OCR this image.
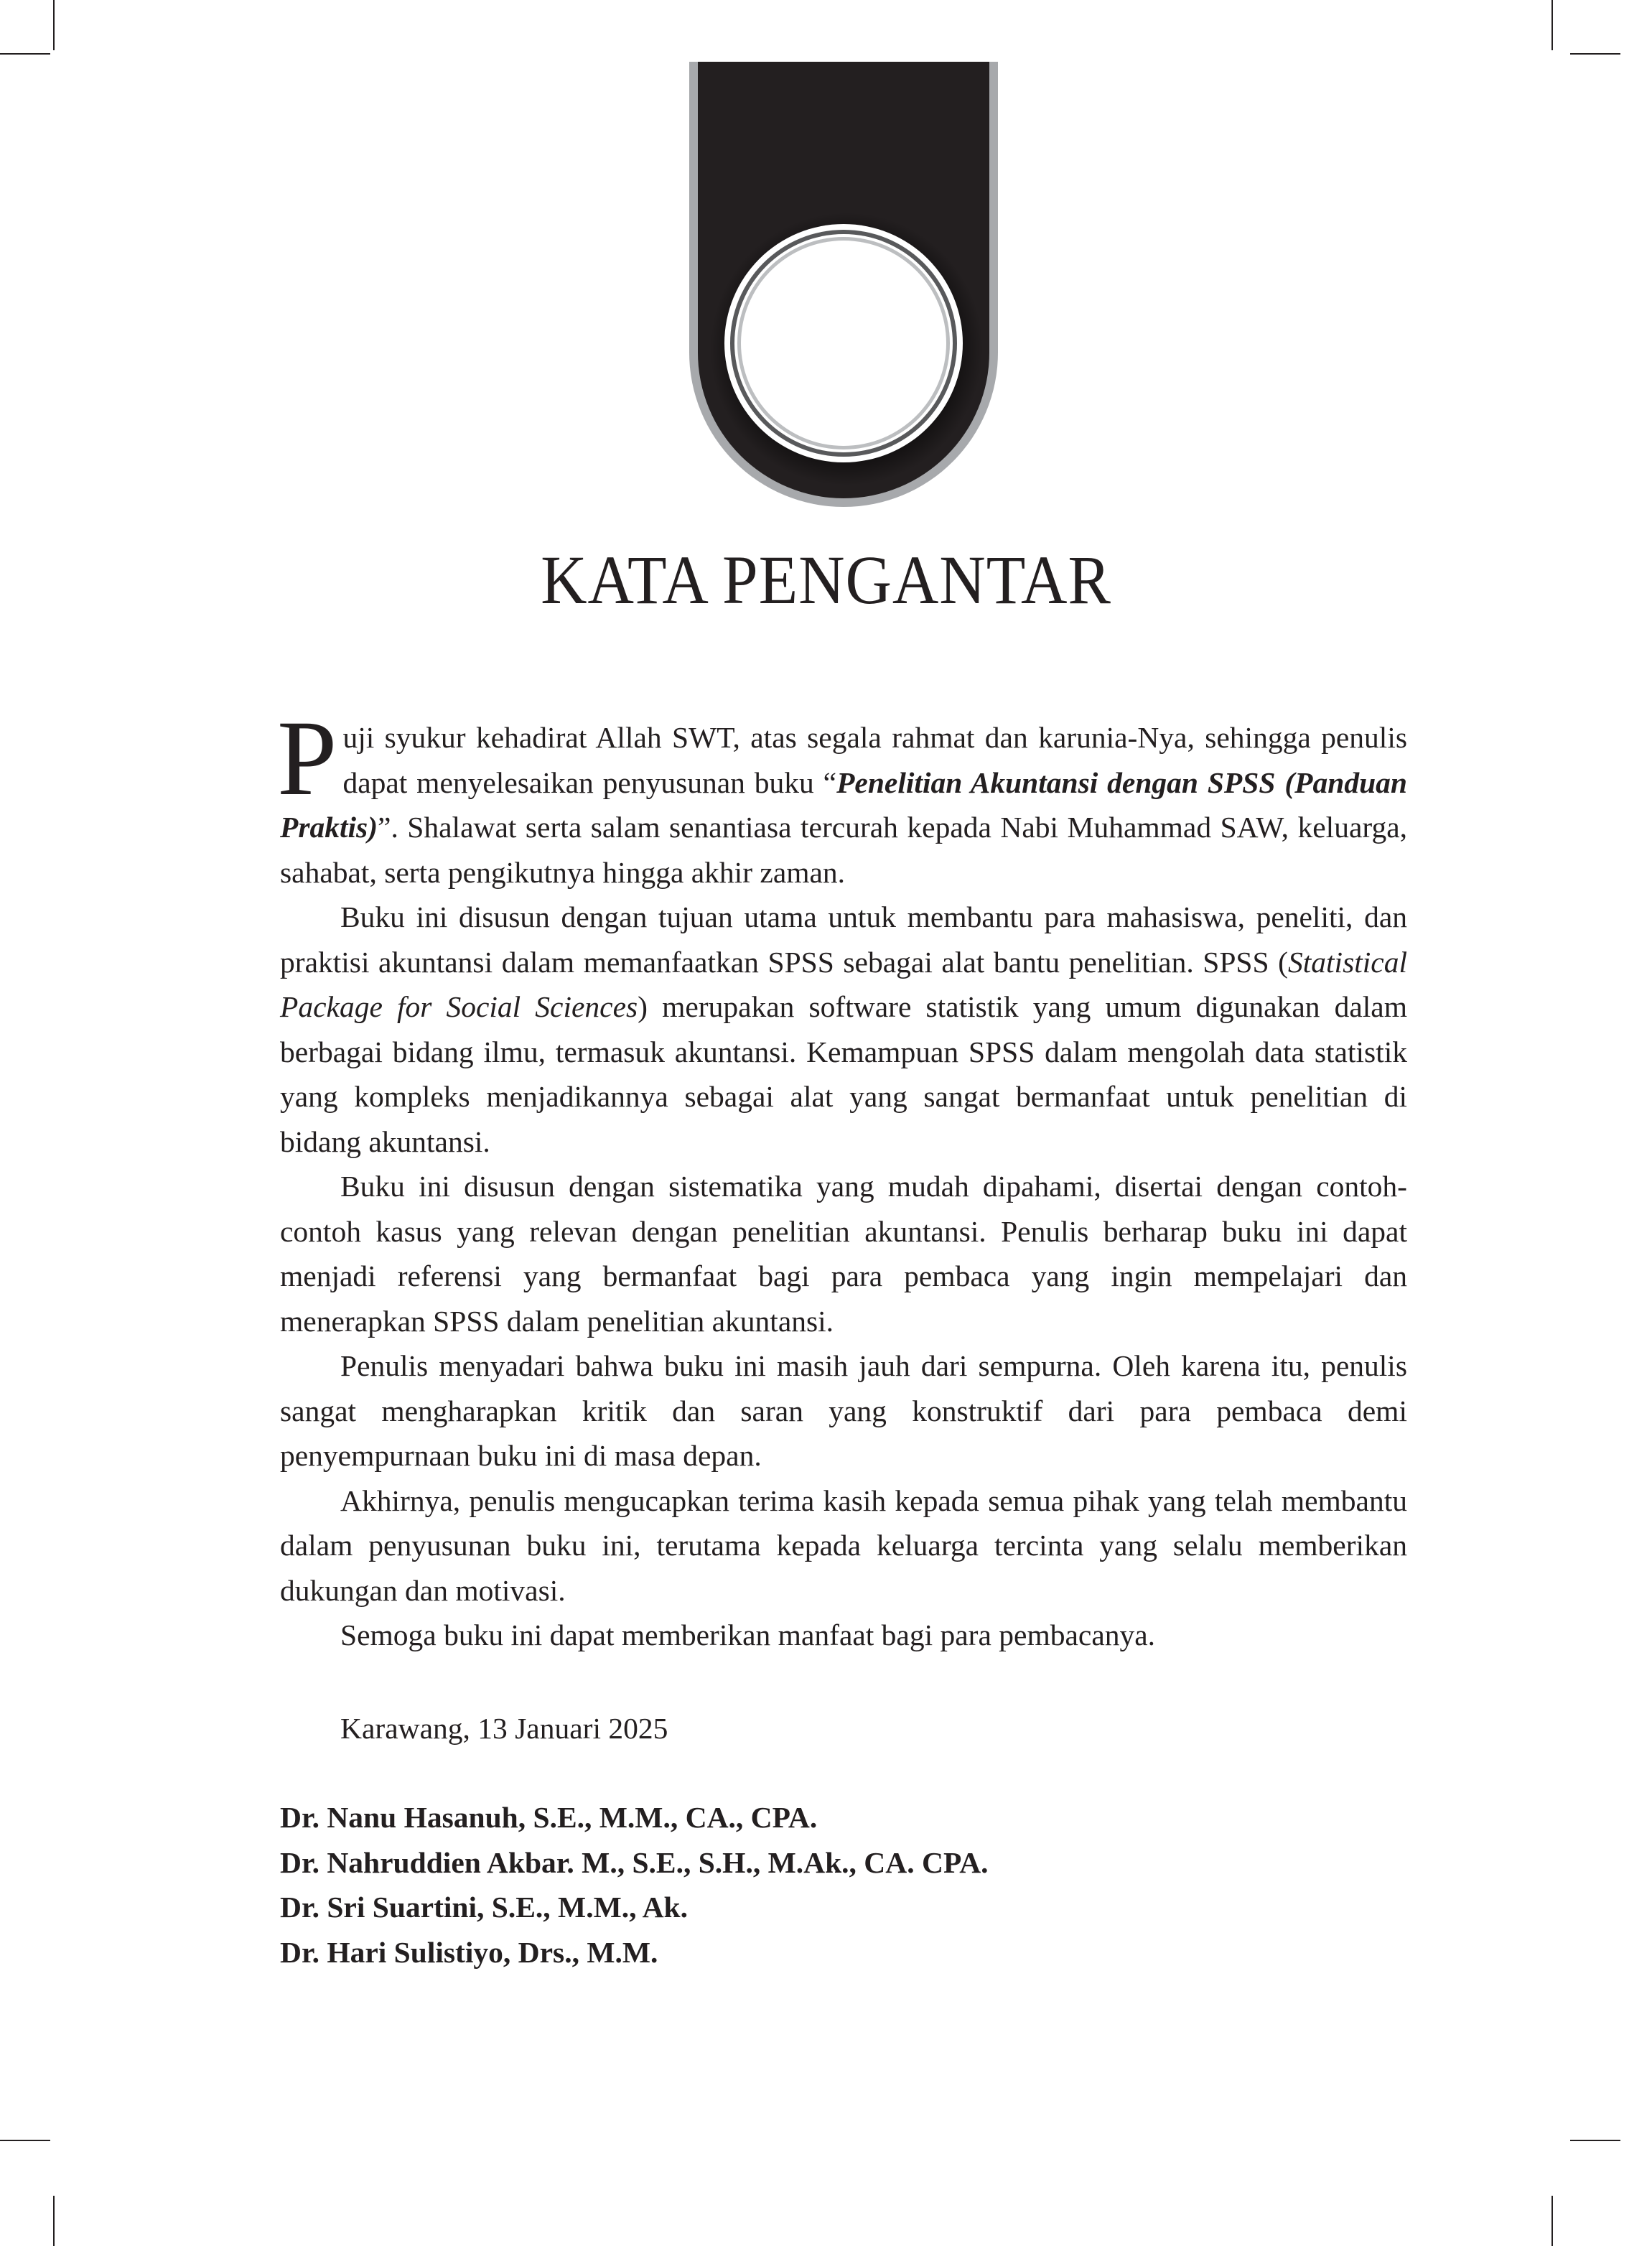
KATA PENGANTAR

Puji syukur kehadirat Allah SWT, atas segala rahmat dan karunia-Nya, sehingga penulis dapat menyelesaikan penyusunan buku “Penelitian Akuntansi dengan SPSS (Panduan Praktis)”. Shalawat serta salam senantiasa tercurah kepada Nabi Muhammad SAW, keluarga, sahabat, serta pengikutnya hingga akhir zaman.

Buku ini disusun dengan tujuan utama untuk membantu para mahasiswa, peneliti, dan praktisi akuntansi dalam memanfaatkan SPSS sebagai alat bantu penelitian. SPSS (Statistical Package for Social Sciences) merupakan software statistik yang umum digunakan dalam berbagai bidang ilmu, termasuk akuntansi. Kemampuan SPSS dalam mengolah data statistik yang kompleks menjadikannya sebagai alat yang sangat bermanfaat untuk penelitian di bidang akuntansi.

Buku ini disusun dengan sistematika yang mudah dipahami, disertai dengan contoh-contoh kasus yang relevan dengan penelitian akuntansi. Penulis berharap buku ini dapat menjadi referensi yang bermanfaat bagi para pembaca yang ingin mempelajari dan menerapkan SPSS dalam penelitian akuntansi.

Penulis menyadari bahwa buku ini masih jauh dari sempurna. Oleh karena itu, penulis sangat mengharapkan kritik dan saran yang konstruktif dari para pembaca demi penyempurnaan buku ini di masa depan.

Akhirnya, penulis mengucapkan terima kasih kepada semua pihak yang telah membantu dalam penyusunan buku ini, terutama kepada keluarga tercinta yang selalu memberikan dukungan dan motivasi.

Semoga buku ini dapat memberikan manfaat bagi para pembacanya.

Karawang, 13 Januari 2025

Dr. Nanu Hasanuh, S.E., M.M., CA., CPA.
Dr. Nahruddien Akbar. M., S.E., S.H., M.Ak., CA. CPA.
Dr. Sri Suartini, S.E., M.M., Ak.
Dr. Hari Sulistiyo, Drs., M.M.
